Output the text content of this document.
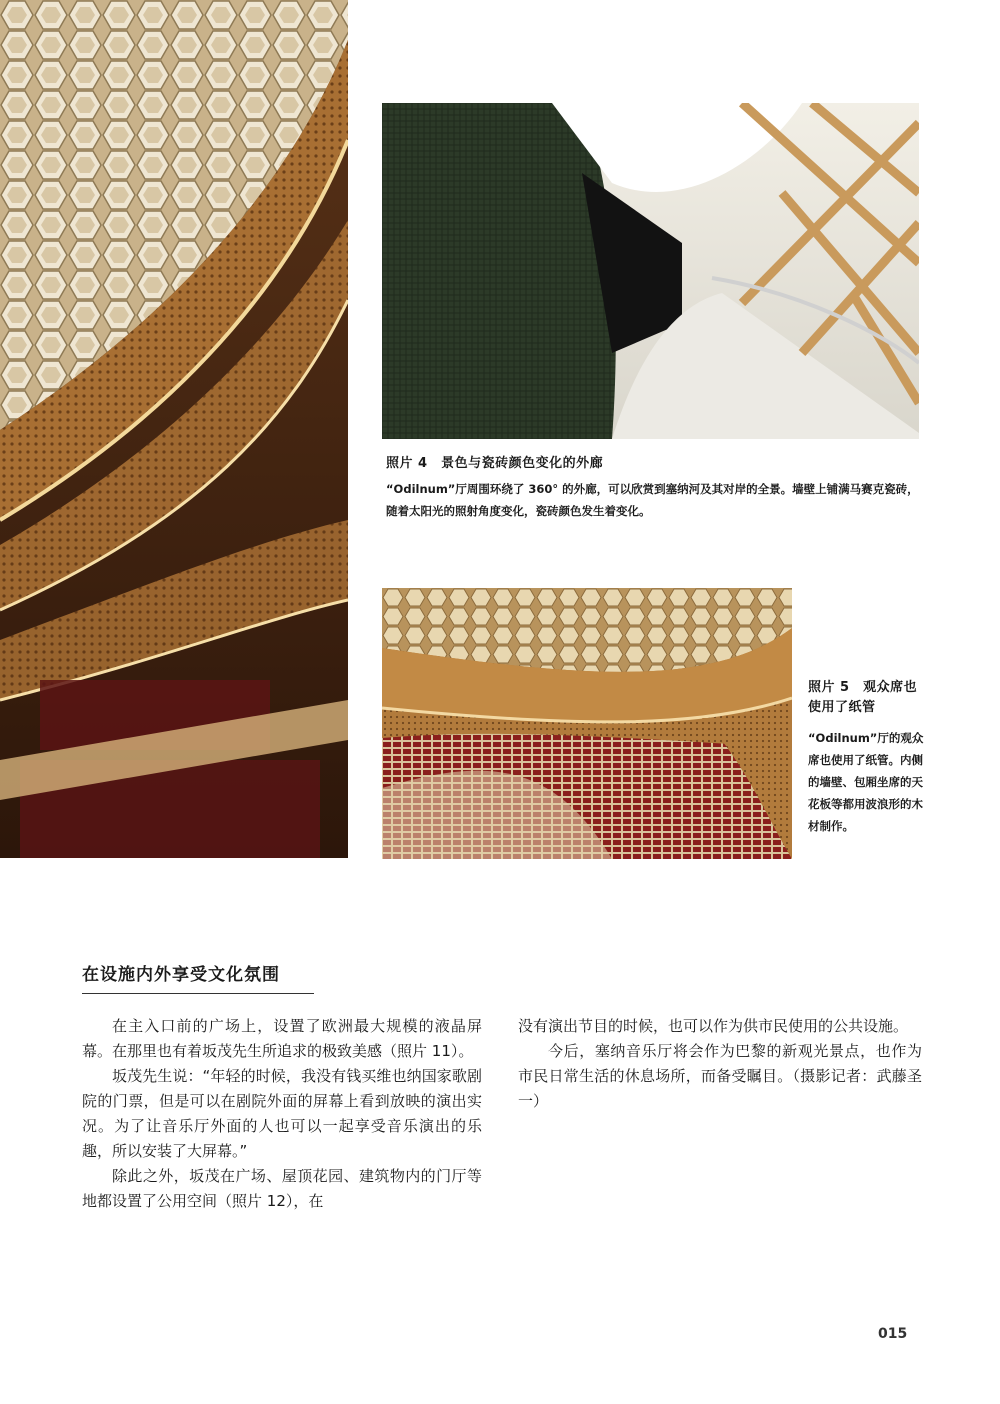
照片 4　景色与瓷砖颜色变化的外廊
“Odilnum”厅周围环绕了 360° 的外廊，可以欣赏到塞纳河及其对岸的全景。墙壁上铺满马赛克瓷砖，随着太阳光的照射角度变化，瓷砖颜色发生着变化。
照片 5　观众席也使用了纸管
“Odilnum”厅的观众席也使用了纸管。内侧的墙壁、包厢坐席的天花板等都用波浪形的木材制作。
在设施内外享受文化氛围

在主入口前的广场上，设置了欧洲最大规模的液晶屏幕。在那里也有着坂茂先生所追求的极致美感（照片 11）。

坂茂先生说：“年轻的时候，我没有钱买维也纳国家歌剧院的门票，但是可以在剧院外面的屏幕上看到放映的演出实况。为了让音乐厅外面的人也可以一起享受音乐演出的乐趣，所以安装了大屏幕。”

除此之外，坂茂在广场、屋顶花园、建筑物内的门厅等地都设置了公用空间（照片 12），在

没有演出节目的时候，也可以作为供市民使用的公共设施。

今后，塞纳音乐厅将会作为巴黎的新观光景点，也作为市民日常生活的休息场所，而备受瞩目。（摄影记者：武藤圣一）

015
